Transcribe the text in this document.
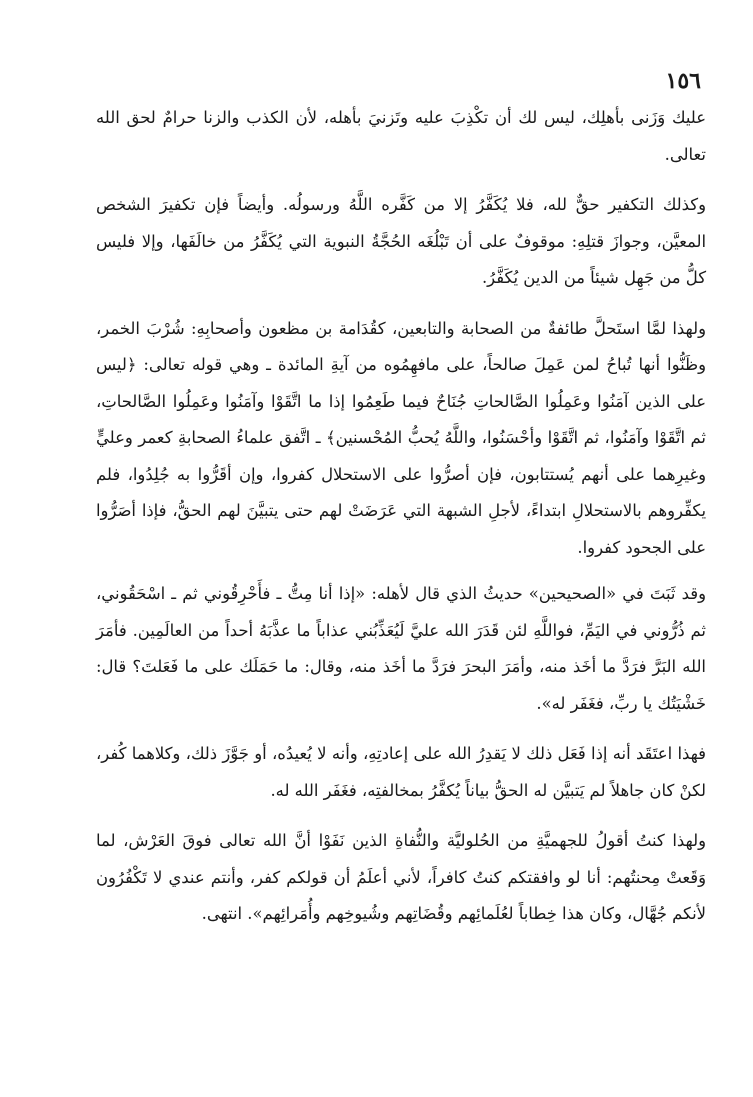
١٥٦

عليك وَزَنى بأهلِك، ليس لك أن تكْذِبَ عليه وتَزنيَ بأهله، لأن الكذب والزنا حرامٌ لحق الله تعالى.

وكذلك التكفير حقٌّ لله، فلا يُكَفَّرُ إلا من كَفَّره اللَّهُ ورسولُه. وأيضاً فإن تكفيرَ الشخص المعيَّن، وجوازَ قتلِهِ: موقوفٌ على أن تَبْلُغَه الحُجَّةُ النبوية التي يُكَفَّرُ من خالَفَها، وإلا فليس كلُّ من جَهِل شيئاً من الدين يُكَفَّرُ.

ولهذا لمَّا استَحلَّ طائفةٌ من الصحابة والتابعين، كقُدَامة بن مظعون وأصحابِهِ: شُرْبَ الخمر، وظَنُّوا أنها تُباحُ لمن عَمِلَ صالحاً، على مافهِمُوه من آيةِ المائدة ـ وهي قوله تعالى: ﴿ليس على الذين آمَنُوا وعَمِلُوا الصَّالحاتِ جُنَاحٌ فيما طَعِمُوا إذا ما اتَّقَوْا وآمَنُوا وعَمِلُوا الصَّالحاتِ، ثم اتَّقَوْا وآمَنُوا، ثم اتَّقَوْا وأحْسَنُوا، واللَّهُ يُحبُّ المُحْسنين﴾ ـ اتَّفق علماءُ الصحابةِ كعمر وعليٍّ وغيرِهما على أنهم يُستتابون، فإن أصرُّوا على الاستحلال كفروا، وإن أقَرُّوا به جُلِدُوا، فلم يكفِّروهم بالاستحلالِ ابتداءً، لأجلِ الشبهة التي عَرَضَتْ لهم حتى يتبيَّنَ لهم الحقُّ، فإذا أصَرُّوا على الجحود كفروا.

وقد ثَبَتَ في «الصحيحين» حديثُ الذي قال لأهله: «إذا أنا مِتُّ ـ فأَحْرِقُوني ثم ـ اسْحَقُوني، ثم ذُرُّوني في اليَمِّ، فواللَّهِ لئن قَدَرَ الله عليَّ لَيُعَذِّبُني عذاباً ما عذَّبَهُ أحداً من العالَمِين. فأمَرَ الله البَرَّ فرَدَّ ما أخَذ منه، وأمَرَ البحرَ فرَدَّ ما أخَذ منه، وقال: ما حَمَلَك على ما فَعَلتَ؟ قال: خَشْيَتُك يا ربِّ، فغَفَر له».

فهذا اعتَقَد أنه إذا فَعَل ذلك لا يَقدِرُ الله على إعادتِهِ، وأنه لا يُعيدُه، أو جَوَّزَ ذلك، وكلاهما كُفر، لكنْ كان جاهلاً لم يَتبيَّن له الحقُّ بياناً يُكفَّرُ بمخالفتِه، فغَفَر الله له.

ولهذا كنتُ أقولُ للجهميَّةِ من الحُلوليَّة والنُّفاةِ الذين نَفَوْا أنَّ الله تعالى فوقَ العَرْش، لما وَقَعتْ مِحنتُهم: أنا لو وافقتكم كنتُ كافراً، لأني أعلَمُ أن قولكم كفر، وأنتم عندي لا تَكْفُرُون لأنكم جُهَّال، وكان هذا خِطاباً لعُلَمائِهم وقُضَاتِهم وشُيوخِهم وأُمَرائِهم». انتهى.
